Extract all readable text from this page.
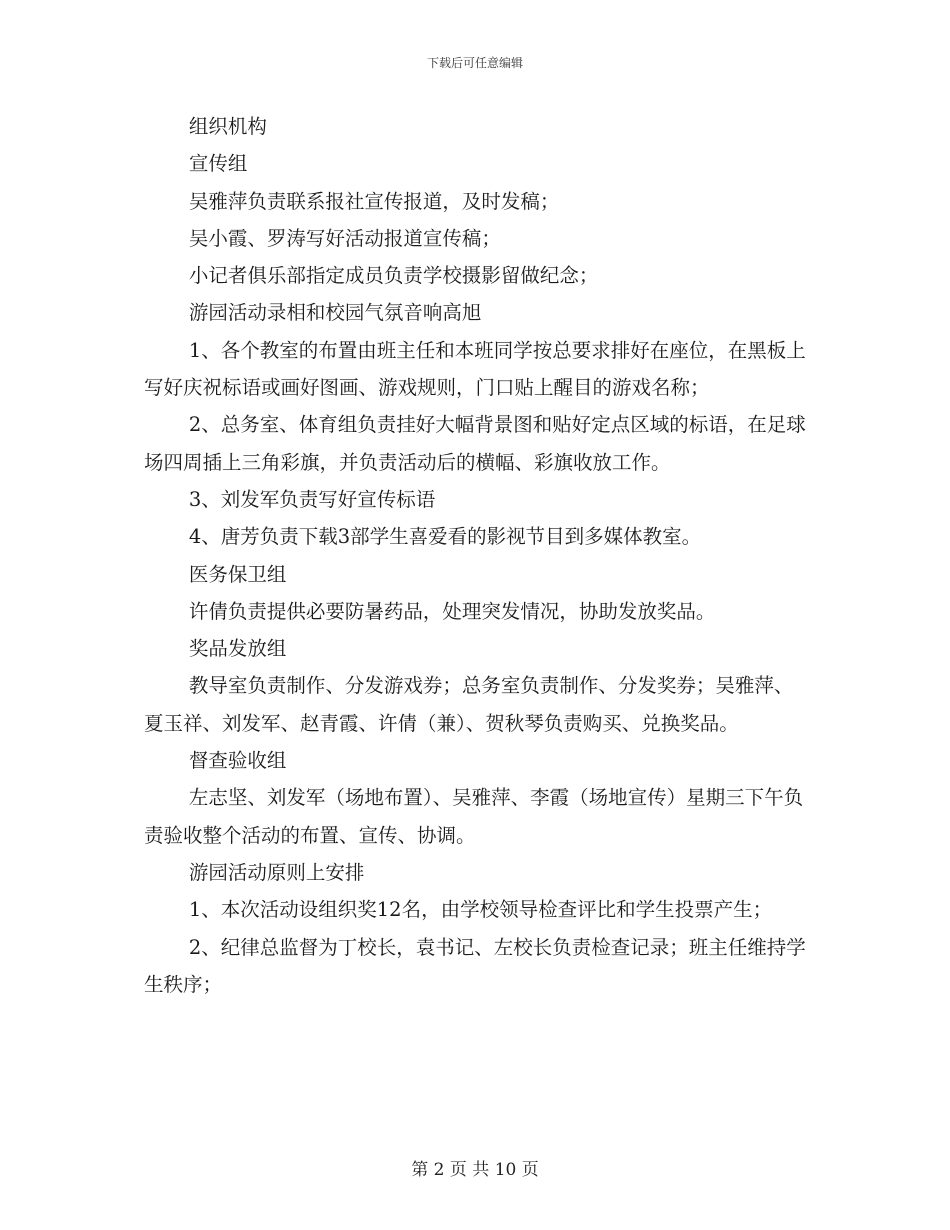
下载后可任意编辑

组织机构

宣传组

吴雅萍负责联系报社宣传报道，及时发稿；

吴小霞、罗涛写好活动报道宣传稿；

小记者俱乐部指定成员负责学校摄影留做纪念；

游园活动录相和校园气氛音响高旭

1、各个教室的布置由班主任和本班同学按总要求排好在座位，在黑板上写好庆祝标语或画好图画、游戏规则，门口贴上醒目的游戏名称；

2、总务室、体育组负责挂好大幅背景图和贴好定点区域的标语，在足球场四周插上三角彩旗，并负责活动后的横幅、彩旗收放工作。

3、刘发军负责写好宣传标语

4、唐芳负责下载3部学生喜爱看的影视节目到多媒体教室。

医务保卫组

许倩负责提供必要防暑药品，处理突发情况，协助发放奖品。

奖品发放组

教导室负责制作、分发游戏券；总务室负责制作、分发奖券；吴雅萍、夏玉祥、刘发军、赵青霞、许倩（兼）、贺秋琴负责购买、兑换奖品。

督查验收组

左志坚、刘发军（场地布置）、吴雅萍、李霞（场地宣传）星期三下午负责验收整个活动的布置、宣传、协调。

游园活动原则上安排

1、本次活动设组织奖12名，由学校领导检查评比和学生投票产生；

2、纪律总监督为丁校长，袁书记、左校长负责检查记录；班主任维持学生秩序；

第 2 页 共 10 页
